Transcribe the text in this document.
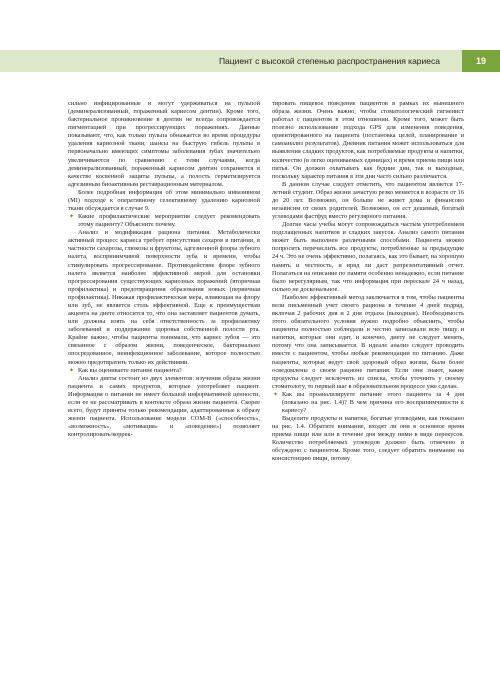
Пациент с высокой степенью распространения кариеса	19

сильно инфицированные и могут удерживаться на пульпой (деминерализованный, пораженный кариесом дентин). Кроме того, бактериальное проникновение в дентин не всегда сопровождается пигментацией при прогрессирующих поражениях. Данные показывают, что, как только пульпа обнажается во время процедуры удаления кариозной ткани, шансы на быструю гибель пульпы в первоначально имеющих симптомы заболевания зубах значительно увеличиваются по сравнению с теми случаями, когда деминерализованный, пораженный кариесом дентин сохраняется в качестве косвенной защиты пульпы, а полость герметизируется адгезивным биоактивным реставрационным материалом.

Более подробная информация об этом минимально инвазивном (MI) подходе к оперативному селективному удалению кариозной ткани обсуждается в случае 9.

✦ Какие профилактические мероприятия следует рекомендовать этому пациенту? Объясните почему.

Анализ и модификация рациона питания. Метаболически активный процесс кариеса требует присутствия сахаров в питании, в частности сахарозы, глюкозы и фруктозы, адгезионной флоры зубного налета, воспринимчивой поверхности зуба и времени, чтобы стимулировать прогрессирование. Противодействие флоре зубного налета является наиболее эффективной мерой для остановки прогрессирования существующих кариозных поражений (вторичная профилактика) и предотвращения образования новых (первичная профилактика). Никакая профилактическая мера, влияющая на флору или зуб, не является столь эффективной. Еще к преимуществам акцента на диете относится то, что она заставляет пациентов думать, или должны взять на себя ответственность за профилактику заболеваний и поддержание здоровья собственной полости рта. Крайне важно, чтобы пациенты понимали, что кариес зубов — это связанное с образом жизни, поведенческое, бактериально опосредованное, неинфекционное заболевание, которое полностью можно предотвратить только их действиями.

✦ Как вы оцениваете питание пациента?

Анализ диеты состоит из двух элементов: изучения образа жизни пациента и самих продуктов, которые употребляет пациент. Информация о питании не имеет большой информативной ценности, если ее не рассматривать в контексте образа жизни пациента. Скорее всего, будут приняты только рекомендации, адаптированные к образу жизни пациента. Использование модели COM-B («способность», «возможность», «мотивация» и «поведение») позволяет контролировать/коррек-

тировать пищевое поведение пациентов в рамках их нынешнего образа жизни. Очень важно, чтобы стоматологический гигиенист работал с пациентом в этом отношении. Кроме того, может быть полезно использование подхода GPS для изменения поведения, ориентированного на пациента (постановка целей, планирование и самоанализ результатов). Дневник питания может использоваться для выявления сладких продуктов, как потребляемые продукты и напитки, количество (в легко оцениваемых единицах) и время приема пищи или питья. Он должен охватывать как будние дни, так и выходные, поскольку характер питания в эти дни часто сильно различается.

В данном случае следует отметить, что пациентом является 17-летний студент. Образ жизни зачастую резко меняется в возрасте от 16 до 20 лет. Возможно, он больше не живет дома и финансово независим от своих родителей. Возможно, он ест дешевый, богатый углеводами фастфуд вместо регулярного питания.

Долгие часы учебы могут сопровождаться частым употреблением подслащенных напитков и сладких закусок. Анализ самого питания может быть выполнен различными способами. Пациента можно попросить перечислить все продукты, потребленные за предыдущие 24 ч. Это не очень эффективно, полагаясь, как это бывает, на хорошую память и честность, и вряд ли даст репрезентативный отчет. Полагаться на описание по памяти особенно ненадежно, если питание было нерегулярным, так что информация при пересказе 24 ч назад, сильно не доскональное.

Наиболее эффективный метод заключается в том, чтобы пациенты вели письменный учет своего рациона в течение 4 дней подряд, включая 2 рабочих дня и 2 дня отдыха (выходные). Необходимость этого обязательного условия нужно подробно объяснить, чтобы пациенты полностью соблюдали и честно записывали всю пищу и напитки, которые они едят, и конечно, диету не следует менять, потому что она записывается. В идеале анализ следует проводить вместе с пациентом, чтобы любые рекомендации по питанию. Даже пациенты, которые ведут свой здоровый образ жизни, были более осведомлены о своем рационе питания. Если они знают, какие продукты следует исключить из списка, чтобы уточнить у своему стоматологу, то первый шаг в образовательном процессе уже сделан.

✦ Как вы проанализируете питание этого пациента за 4 дня (показано на рис. 1.4)? В чем причина его воспринимчивости к кариесу?

Выделите продукты и напитки, богатые углеводами, как показано на рис. 1.4. Обратите внимание, входят ли они в основное время приема пищи или или в течение дня между ними в виде перекусов. Количество потребляемых углеводов должно быть отмечено и обсуждено с пациентом. Кроме того, следует обратить внимание на консистенцию пищи, потому
